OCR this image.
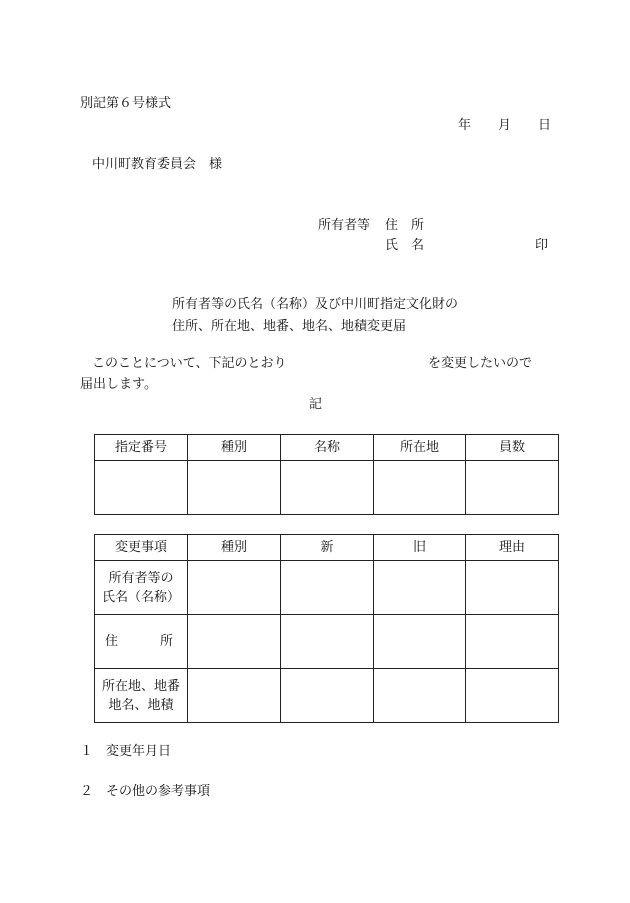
別記第６号様式
年 月 日
中川町教育委員会　様
所有者等 住　所
氏　名	印
所有者等の氏名（名称）及び中川町指定文化財の
住所、所在地、地番、地名、地積変更届
このことについて、下記のとおり	を変更したいので
届出します。
記
指定番号	種別	名称	所在地	員数

変更事項	種別	新	旧	理由

所有者等の
氏名（名称）				

住 所				

所在地、地番
地名、地積				

１ 変更年月日
２ その他の参考事項
